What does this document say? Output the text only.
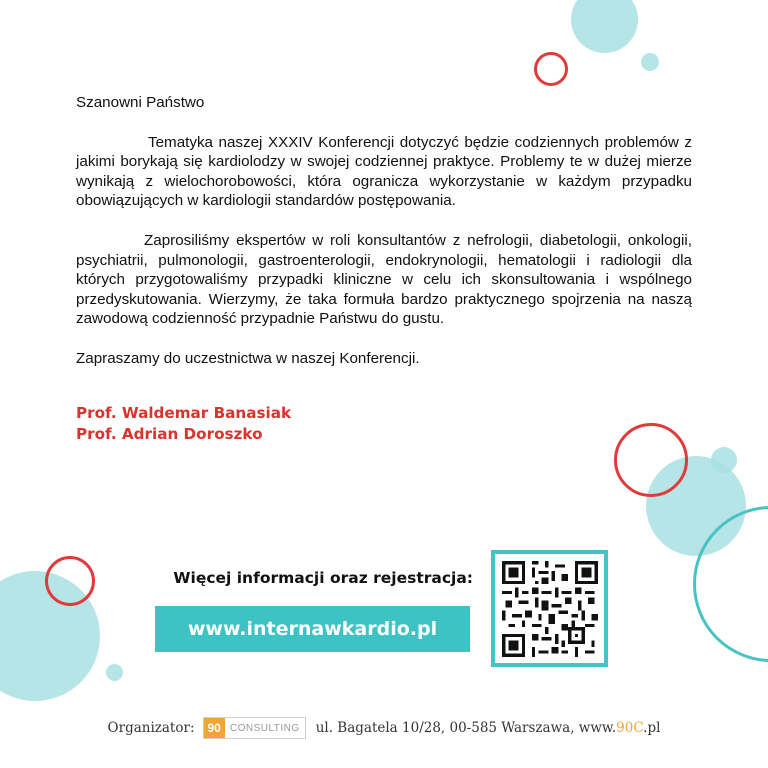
Szanowni Państwo

Tematyka naszej XXXIV Konferencji dotyczyć będzie codziennych problemów z jakimi borykają się kardiolodzy w swojej codziennej praktyce. Problemy te w dużej mierze wynikają z wielochorobowości, która ogranicza wykorzystanie w każdym przypadku obowiązujących w kardiologii standardów postępowania.

Zaprosiliśmy ekspertów w roli konsultantów z nefrologii, diabetologii, onkologii, psychiatrii, pulmonologii, gastroenterologii, endokrynologii, hematologii i radiologii dla których przygotowaliśmy przypadki kliniczne w celu ich skonsultowania i wspólnego przedyskutowania. Wierzymy, że taka formuła bardzo praktycznego spojrzenia na naszą zawodową codzienność przypadnie Państwu do gustu.

Zapraszamy do uczestnictwa w naszej Konferencji.

Prof. Waldemar Banasiak
Prof. Adrian Doroszko
Więcej informacji oraz rejestracja:
www.internawkardio.pl
Organizator:	90 CONSULTING	ul. Bagatela 10/28, 00-585 Warszawa, www.90C.pl
